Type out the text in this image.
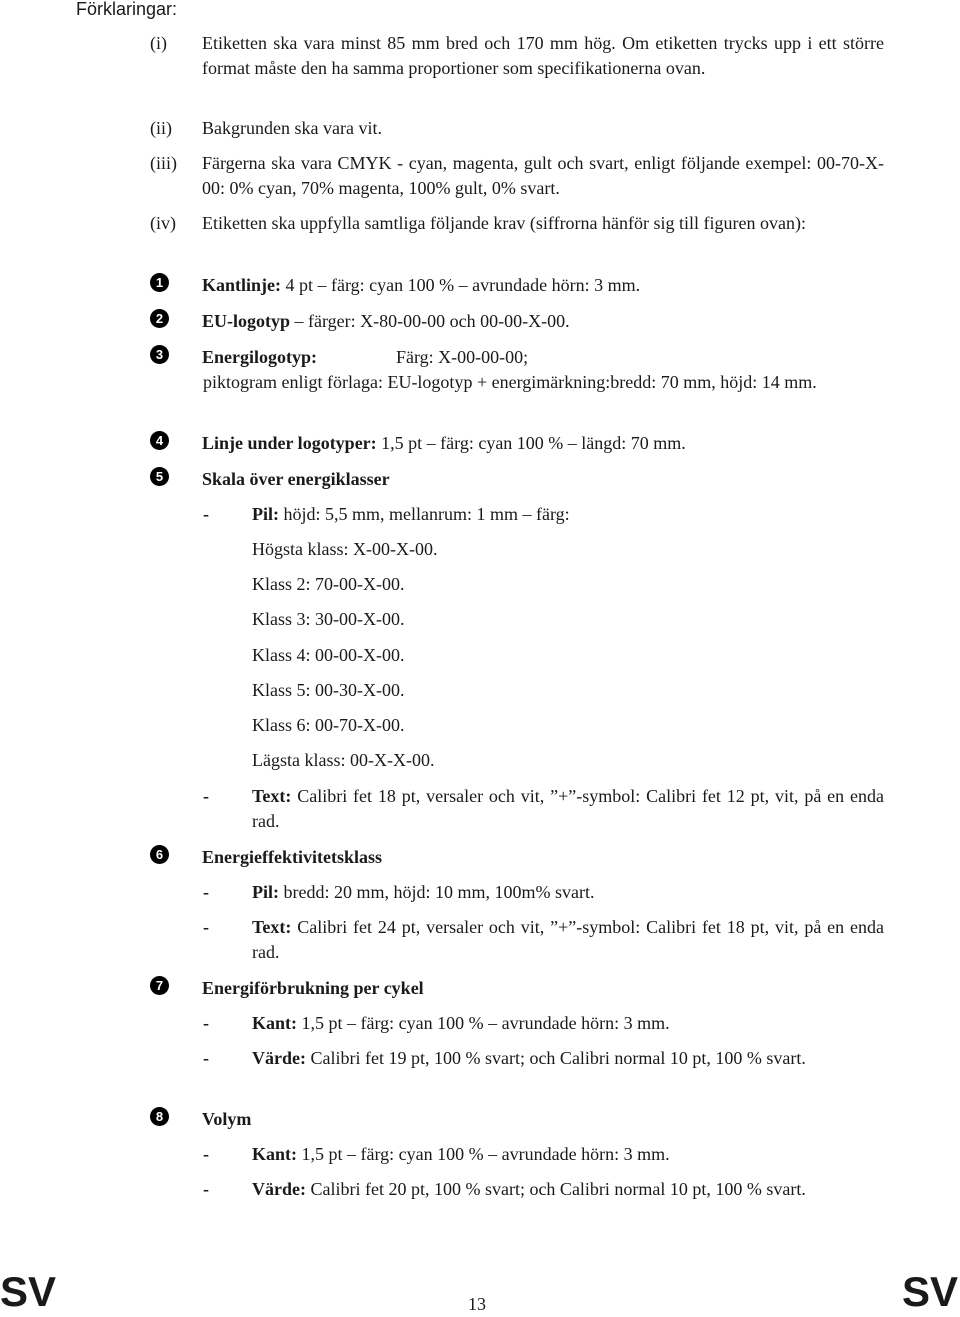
Förklaringar:
(i)	Etiketten ska vara minst 85 mm bred och 170 mm hög. Om etiketten trycks upp i ett större format måste den ha samma proportioner som specifikationerna ovan.
(ii)	Bakgrunden ska vara vit.
(iii)	Färgerna ska vara CMYK - cyan, magenta, gult och svart, enligt följande exempel: 00-70-X-00: 0% cyan, 70% magenta, 100% gult, 0% svart.
(iv)	Etiketten ska uppfylla samtliga följande krav (siffrorna hänför sig till figuren ovan):
1	Kantlinje: 4 pt – färg: cyan 100 % – avrundade hörn: 3 mm.
2	EU-logotyp – färger: X-80-00-00 och 00-00-X-00.
3	Energilogotyp:	Färg: X-00-00-00;
piktogram enligt förlaga: EU-logotyp + energimärkning:bredd: 70 mm, höjd: 14 mm.
4	Linje under logotyper: 1,5 pt – färg: cyan 100 % – längd: 70 mm.
5	Skala över energiklasser
- Pil: höjd: 5,5 mm, mellanrum: 1 mm – färg:
Högsta klass: X-00-X-00.
Klass 2: 70-00-X-00.
Klass 3: 30-00-X-00.
Klass 4: 00-00-X-00.
Klass 5: 00-30-X-00.
Klass 6: 00-70-X-00.
Lägsta klass: 00-X-X-00.
- Text: Calibri fet 18 pt, versaler och vit, ”+”-symbol: Calibri fet 12 pt, vit, på en enda rad.
6	Energieffektivitetsklass
- Pil: bredd: 20 mm, höjd: 10 mm, 100m% svart.
- Text: Calibri fet 24 pt, versaler och vit, ”+”-symbol: Calibri fet 18 pt, vit, på en enda rad.
7	Energiförbrukning per cykel
- Kant: 1,5 pt – färg: cyan 100 % – avrundade hörn: 3 mm.
- Värde: Calibri fet 19 pt, 100 % svart; och Calibri normal 10 pt, 100 % svart.
8	Volym
- Kant: 1,5 pt – färg: cyan 100 % – avrundade hörn: 3 mm.
- Värde: Calibri fet 20 pt, 100 % svart; och Calibri normal 10 pt, 100 % svart.
SV	13	SV
